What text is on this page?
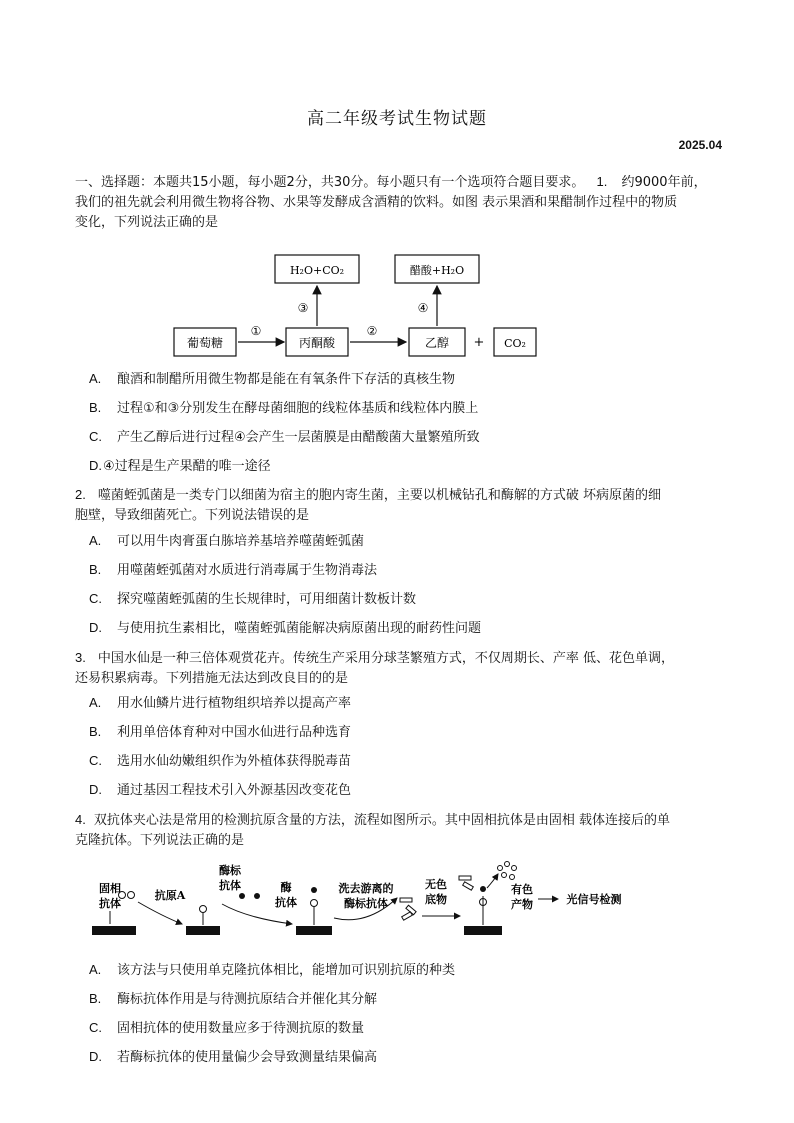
高二年级考试生物试题
2025.04
一、选择题：本题共15小题，每小题2分，共30分。每小题只有一个选项符合题目要求。 1. 约9000年前，
我们的祖先就会利用微生物将谷物、水果等发酵成含酒精的饮料。如图 表示果酒和果醋制作过程中的物质
变化，下列说法正确的是
葡萄糖
①
丙酮酸
②
乙醇 + CO₂
H₂O+CO₂
③
醋酸+H₂O
④
A. 酿酒和制醋所用微生物都是能在有氧条件下存活的真核生物
B. 过程①和③分别发生在酵母菌细胞的线粒体基质和线粒体内膜上
C. 产生乙醇后进行过程④会产生一层菌膜是由醋酸菌大量繁殖所致
D.④过程是生产果醋的唯一途径
2. 噬菌蛭弧菌是一类专门以细菌为宿主的胞内寄生菌，主要以机械钻孔和酶解的方式破 坏病原菌的细
胞壁，导致细菌死亡。下列说法错误的是
A. 可以用牛肉膏蛋白胨培养基培养噬菌蛭弧菌
B. 用噬菌蛭弧菌对水质进行消毒属于生物消毒法
C. 探究噬菌蛭弧菌的生长规律时，可用细菌计数板计数
D. 与使用抗生素相比，噬菌蛭弧菌能解决病原菌出现的耐药性问题
3. 中国水仙是一种三倍体观赏花卉。传统生产采用分球茎繁殖方式，不仅周期长、产率 低、花色单调，
还易积累病毒。下列措施无法达到改良目的的是
A. 用水仙鳞片进行植物组织培养以提高产率
B. 利用单倍体育种对中国水仙进行品种选育
C. 选用水仙幼嫩组织作为外植体获得脱毒苗
D. 通过基因工程技术引入外源基因改变花色
4. 双抗体夹心法是常用的检测抗原含量的方法，流程如图所示。其中固相抗体是由固相 载体连接后的单
克隆抗体。下列说法正确的是
固相
抗体
抗原A
酶标
抗体	酶
抗体
洗去游离的
酶标抗体
无色
底物
有色
产物	光信号检测
A. 该方法与只使用单克隆抗体相比，能增加可识别抗原的种类
B. 酶标抗体作用是与待测抗原结合并催化其分解
C. 固相抗体的使用数量应多于待测抗原的数量
D. 若酶标抗体的使用量偏少会导致测量结果偏高
